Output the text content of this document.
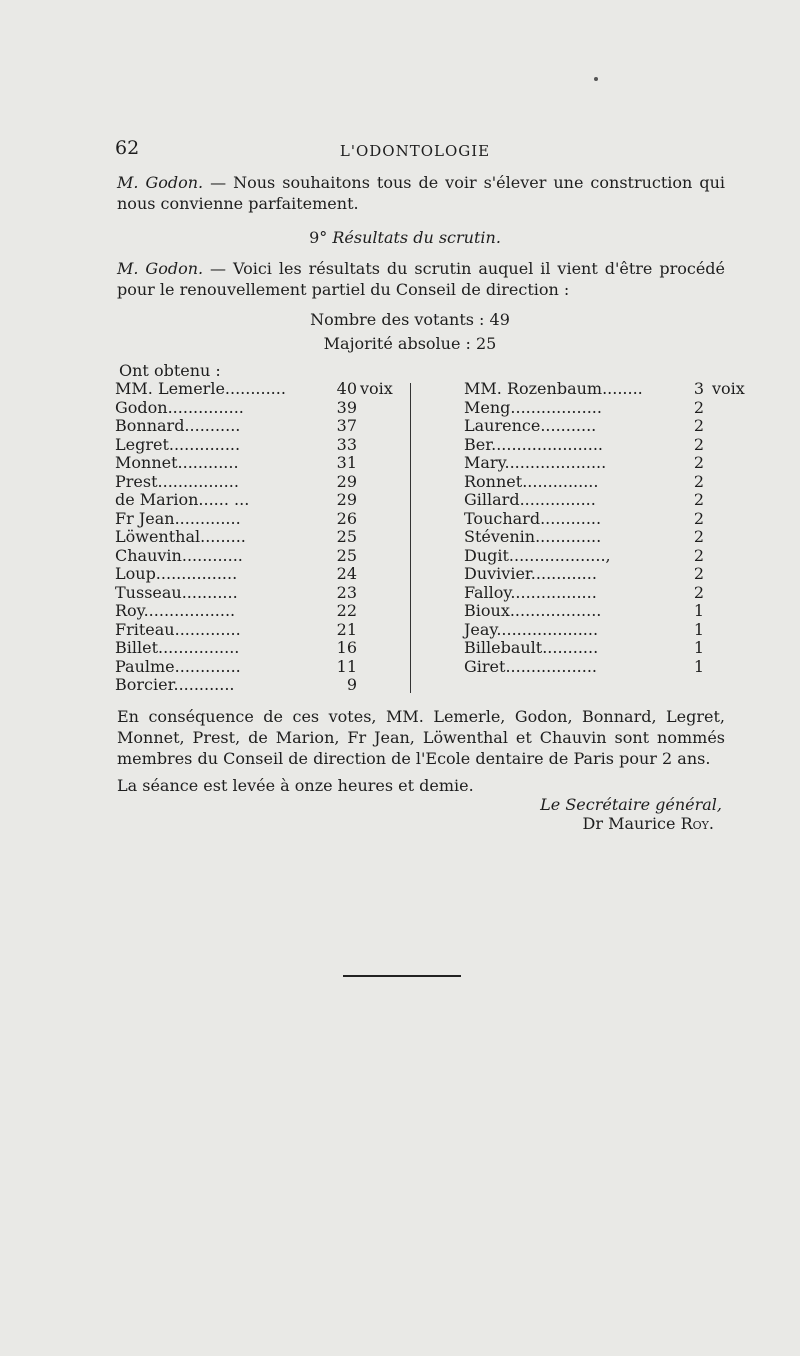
62	L'ODONTOLOGIE
M. Godon. — Nous souhaitons tous de voir s'élever une construction qui nous convienne parfaitement.
9° Résultats du scrutin.
M. Godon. — Voici les résultats du scrutin auquel il vient d'être procédé pour le renouvellement partiel du Conseil de direction :
Nombre des votants : 49
Majorité absolue : 25
Ont obtenu :
MM. Lemerle............	40 voix
Godon...............	39
Bonnard...........	37
Legret..............	33
Monnet............	31
Prest................	29
de Marion...... ...	29
Fr Jean.............	26
Löwenthal.........	25
Chauvin............	25
Loup................	24
Tusseau...........	23
Roy..................	22
Friteau.............	21
Billet................	16
Paulme.............	11
Borcier............	9
MM. Rozenbaum........	3 voix
Meng..................	2
Laurence...........	2
Ber......................	2
Mary....................	2
Ronnet...............	2
Gillard...............	2
Touchard............	2
Stévenin.............	2
Dugit...................,	2
Duvivier.............	2
Falloy.................	2
Bioux..................	1
Jeay....................	1
Billebault...........	1
Giret..................	1
En conséquence de ces votes, MM. Lemerle, Godon, Bonnard, Legret, Monnet, Prest, de Marion, Fr Jean, Löwenthal et Chauvin sont nommés membres du Conseil de direction de l'Ecole dentaire de Paris pour 2 ans.
La séance est levée à onze heures et demie.
Le Secrétaire général,
Dr Maurice Roy.
